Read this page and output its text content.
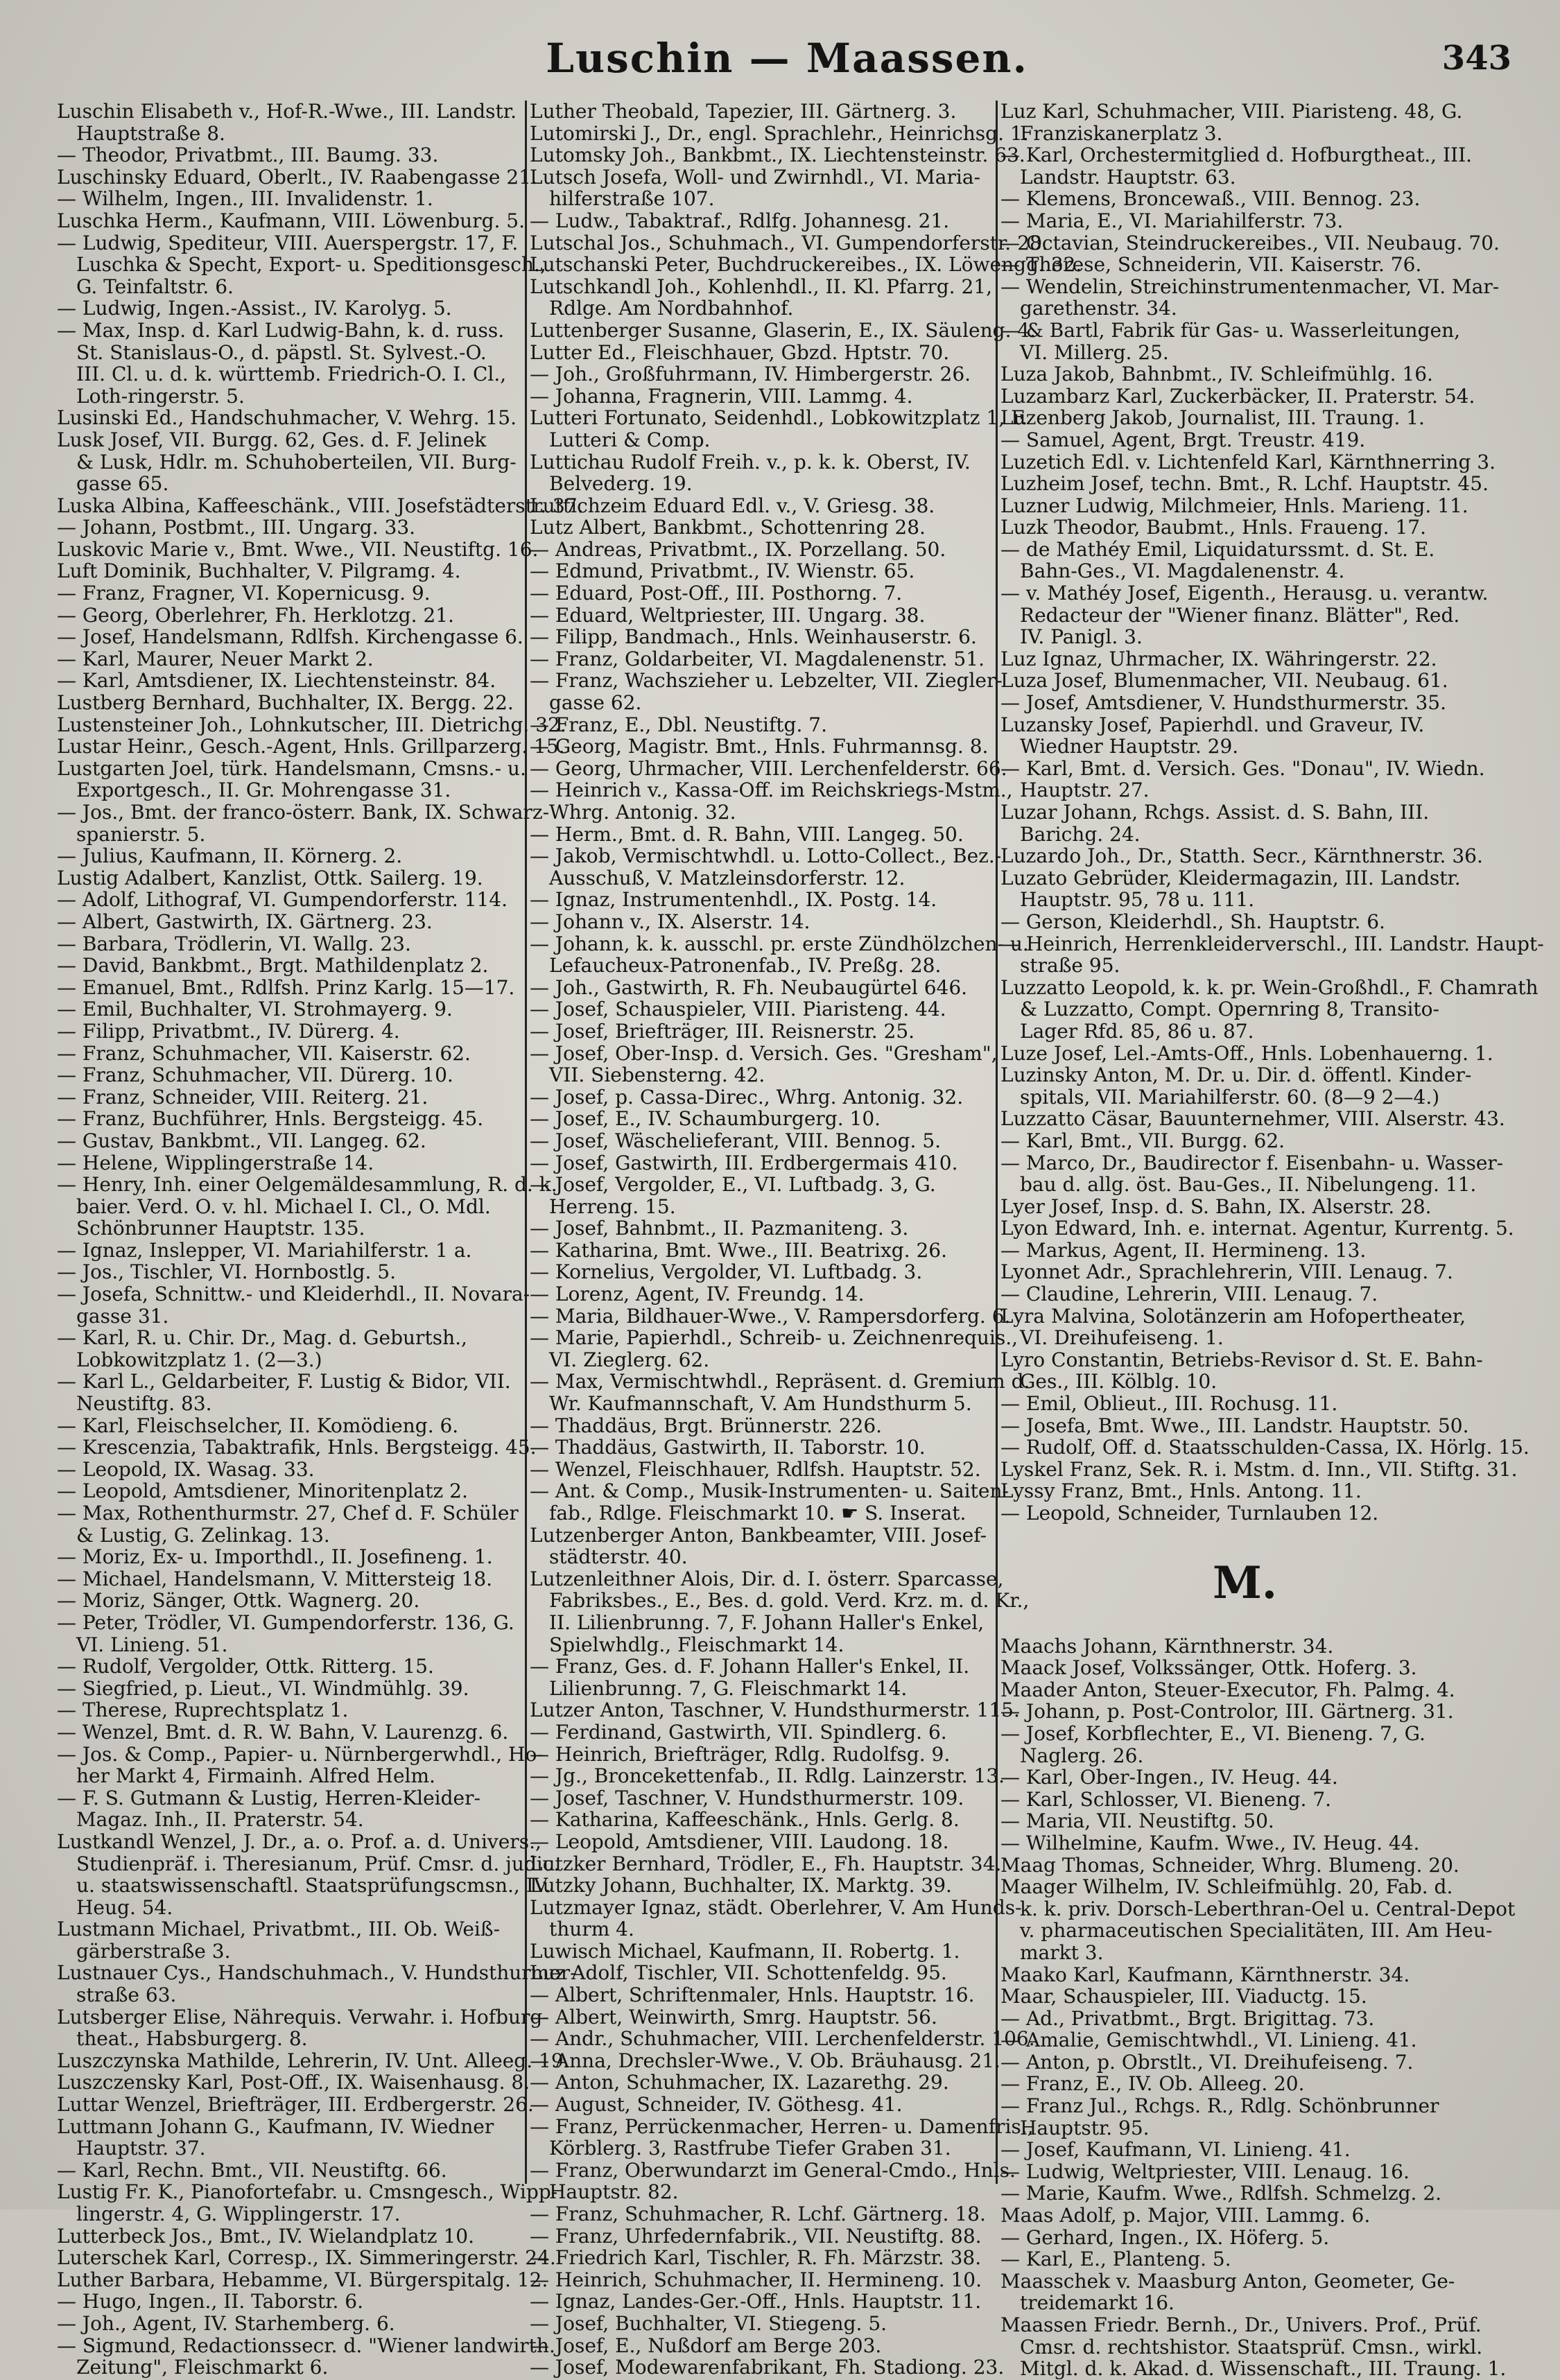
Luschin — Maassen.	343
Luschin Elisabeth v., Hof-R.-Wwe., III. Landstr.
Hauptstraße 8.
— Theodor, Privatbmt., III. Baumg. 33.
Luschinsky Eduard, Oberlt., IV. Raabengasse 21.
— Wilhelm, Ingen., III. Invalidenstr. 1.
Luschka Herm., Kaufmann, VIII. Löwenburg. 5.
— Ludwig, Spediteur, VIII. Auerspergstr. 17, F.
Luschka & Specht, Export- u. Speditionsgesch.,
G. Teinfaltstr. 6.
— Ludwig, Ingen.-Assist., IV. Karolyg. 5.
— Max, Insp. d. Karl Ludwig-Bahn, k. d. russ.
St. Stanislaus-O., d. päpstl. St. Sylvest.-O.
III. Cl. u. d. k. württemb. Friedrich-O. I. Cl.,
Loth-ringerstr. 5.
Lusinski Ed., Handschuhmacher, V. Wehrg. 15.
Lusk Josef, VII. Burgg. 62, Ges. d. F. Jelinek
& Lusk, Hdlr. m. Schuhoberteilen, VII. Burg-
gasse 65.
Luska Albina, Kaffeeschänk., VIII. Josefstädterstr. 37.
— Johann, Postbmt., III. Ungarg. 33.
Luskovic Marie v., Bmt. Wwe., VII. Neustiftg. 16.
Luft Dominik, Buchhalter, V. Pilgramg. 4.
— Franz, Fragner, VI. Kopernicusg. 9.
— Georg, Oberlehrer, Fh. Herklotzg. 21.
— Josef, Handelsmann, Rdlfsh. Kirchengasse 6.
— Karl, Maurer, Neuer Markt 2.
— Karl, Amtsdiener, IX. Liechtensteinstr. 84.
Lustberg Bernhard, Buchhalter, IX. Bergg. 22.
Lustensteiner Joh., Lohnkutscher, III. Dietrichg. 32.
Lustar Heinr., Gesch.-Agent, Hnls. Grillparzerg. 15.
Lustgarten Joel, türk. Handelsmann, Cmsns.- u.
Exportgesch., II. Gr. Mohrengasse 31.
— Jos., Bmt. der franco-österr. Bank, IX. Schwarz-
spanierstr. 5.
— Julius, Kaufmann, II. Körnerg. 2.
Lustig Adalbert, Kanzlist, Ottk. Sailerg. 19.
— Adolf, Lithograf, VI. Gumpendorferstr. 114.
— Albert, Gastwirth, IX. Gärtnerg. 23.
— Barbara, Trödlerin, VI. Wallg. 23.
— David, Bankbmt., Brgt. Mathildenplatz 2.
— Emanuel, Bmt., Rdlfsh. Prinz Karlg. 15—17.
— Emil, Buchhalter, VI. Strohmayerg. 9.
— Filipp, Privatbmt., IV. Dürerg. 4.
— Franz, Schuhmacher, VII. Kaiserstr. 62.
— Franz, Schuhmacher, VII. Dürerg. 10.
— Franz, Schneider, VIII. Reiterg. 21.
— Franz, Buchführer, Hnls. Bergsteigg. 45.
— Gustav, Bankbmt., VII. Langeg. 62.
— Helene, Wipplingerstraße 14.
— Henry, Inh. einer Oelgemäldesammlung, R. d. k.
baier. Verd. O. v. hl. Michael I. Cl., O. Mdl.
Schönbrunner Hauptstr. 135.
— Ignaz, Inslepper, VI. Mariahilferstr. 1 a.
— Jos., Tischler, VI. Hornbostlg. 5.
— Josefa, Schnittw.- und Kleiderhdl., II. Novara-
gasse 31.
— Karl, R. u. Chir. Dr., Mag. d. Geburtsh.,
Lobkowitzplatz 1. (2—3.)
— Karl L., Geldarbeiter, F. Lustig & Bidor, VII.
Neustiftg. 83.
— Karl, Fleischselcher, II. Komödieng. 6.
— Krescenzia, Tabaktrafik, Hnls. Bergsteigg. 45.
— Leopold, IX. Wasag. 33.
— Leopold, Amtsdiener, Minoritenplatz 2.
— Max, Rothenthurmstr. 27, Chef d. F. Schüler
& Lustig, G. Zelinkag. 13.
— Moriz, Ex- u. Importhdl., II. Josefineng. 1.
— Michael, Handelsmann, V. Mittersteig 18.
— Moriz, Sänger, Ottk. Wagnerg. 20.
— Peter, Trödler, VI. Gumpendorferstr. 136, G.
VI. Linieng. 51.
— Rudolf, Vergolder, Ottk. Ritterg. 15.
— Siegfried, p. Lieut., VI. Windmühlg. 39.
— Therese, Ruprechtsplatz 1.
— Wenzel, Bmt. d. R. W. Bahn, V. Laurenzg. 6.
— Jos. & Comp., Papier- u. Nürnbergerwhdl., Ho-
her Markt 4, Firmainh. Alfred Helm.
— F. S. Gutmann & Lustig, Herren-Kleider-
Magaz. Inh., II. Praterstr. 54.
Lustkandl Wenzel, J. Dr., a. o. Prof. a. d. Univers.,
Studienpräf. i. Theresianum, Prüf. Cmsr. d. judic.
u. staatswissenschaftl. Staatsprüfungscmsn., IV.
Heug. 54.
Lustmann Michael, Privatbmt., III. Ob. Weiß-
gärberstraße 3.
Lustnauer Cys., Handschuhmach., V. Hundsthurmer-
straße 63.
Lutsberger Elise, Nährequis. Verwahr. i. Hofburg-
theat., Habsburgerg. 8.
Luszczynska Mathilde, Lehrerin, IV. Unt. Alleeg. 19.
Luszczensky Karl, Post-Off., IX. Waisenhausg. 8.
Luttar Wenzel, Briefträger, III. Erdbergerstr. 26.
Luttmann Johann G., Kaufmann, IV. Wiedner
Hauptstr. 37.
— Karl, Rechn. Bmt., VII. Neustiftg. 66.
Lustig Fr. K., Pianofortefabr. u. Cmsngesch., Wipp-
lingerstr. 4, G. Wipplingerstr. 17.
Lutterbeck Jos., Bmt., IV. Wielandplatz 10.
Luterschek Karl, Corresp., IX. Simmeringerstr. 24.
Luther Barbara, Hebamme, VI. Bürgerspitalg. 12.
— Hugo, Ingen., II. Taborstr. 6.
— Joh., Agent, IV. Starhemberg. 6.
— Sigmund, Redactionssecr. d. "Wiener landwirth.
Zeitung", Fleischmarkt 6.
Luther Theobald, Tapezier, III. Gärtnerg. 3.
Lutomirski J., Dr., engl. Sprachlehr., Heinrichsg. 1.
Lutomsky Joh., Bankbmt., IX. Liechtensteinstr. 63.
Lutsch Josefa, Woll- und Zwirnhdl., VI. Maria-
hilferstraße 107.
— Ludw., Tabaktraf., Rdlfg. Johannesg. 21.
Lutschal Jos., Schuhmach., VI. Gumpendorferstr. 28.
Lutschanski Peter, Buchdruckereibes., IX. Löwengg. 32.
Lutschkandl Joh., Kohlenhdl., II. Kl. Pfarrg. 21,
Rdlge. Am Nordbahnhof.
Luttenberger Susanne, Glaserin, E., IX. Säuleng. 4.
Lutter Ed., Fleischhauer, Gbzd. Hptstr. 70.
— Joh., Großfuhrmann, IV. Himbergerstr. 26.
— Johanna, Fragnerin, VIII. Lammg. 4.
Lutteri Fortunato, Seidenhdl., Lobkowitzplatz 1, F.
Lutteri & Comp.
Luttichau Rudolf Freih. v., p. k. k. Oberst, IV.
Belvederg. 19.
Luttichzeim Eduard Edl. v., V. Griesg. 38.
Lutz Albert, Bankbmt., Schottenring 28.
— Andreas, Privatbmt., IX. Porzellang. 50.
— Edmund, Privatbmt., IV. Wienstr. 65.
— Eduard, Post-Off., III. Posthorng. 7.
— Eduard, Weltpriester, III. Ungarg. 38.
— Filipp, Bandmach., Hnls. Weinhauserstr. 6.
— Franz, Goldarbeiter, VI. Magdalenenstr. 51.
— Franz, Wachszieher u. Lebzelter, VII. Ziegler-
gasse 62.
— Franz, E., Dbl. Neustiftg. 7.
— Georg, Magistr. Bmt., Hnls. Fuhrmannsg. 8.
— Georg, Uhrmacher, VIII. Lerchenfelderstr. 66.
— Heinrich v., Kassa-Off. im Reichskriegs-Mstm.,
Whrg. Antonig. 32.
— Herm., Bmt. d. R. Bahn, VIII. Langeg. 50.
— Jakob, Vermischtwhdl. u. Lotto-Collect., Bez.-
Ausschuß, V. Matzleinsdorferstr. 12.
— Ignaz, Instrumentenhdl., IX. Postg. 14.
— Johann v., IX. Alserstr. 14.
— Johann, k. k. ausschl. pr. erste Zündhölzchen- u.
Lefaucheux-Patronenfab., IV. Preßg. 28.
— Joh., Gastwirth, R. Fh. Neubaugürtel 646.
— Josef, Schauspieler, VIII. Piaristeng. 44.
— Josef, Briefträger, III. Reisnerstr. 25.
— Josef, Ober-Insp. d. Versich. Ges. "Gresham",
VII. Siebensterng. 42.
— Josef, p. Cassa-Direc., Whrg. Antonig. 32.
— Josef, E., IV. Schaumburgerg. 10.
— Josef, Wäschelieferant, VIII. Bennog. 5.
— Josef, Gastwirth, III. Erdbergermais 410.
— Josef, Vergolder, E., VI. Luftbadg. 3, G.
Herreng. 15.
— Josef, Bahnbmt., II. Pazmaniteng. 3.
— Katharina, Bmt. Wwe., III. Beatrixg. 26.
— Kornelius, Vergolder, VI. Luftbadg. 3.
— Lorenz, Agent, IV. Freundg. 14.
— Maria, Bildhauer-Wwe., V. Rampersdorferg. 6.
— Marie, Papierhdl., Schreib- u. Zeichnenrequis.,
VI. Zieglerg. 62.
— Max, Vermischtwhdl., Repräsent. d. Gremium d.
Wr. Kaufmannschaft, V. Am Hundsthurm 5.
— Thaddäus, Brgt. Brünnerstr. 226.
— Thaddäus, Gastwirth, II. Taborstr. 10.
— Wenzel, Fleischhauer, Rdlfsh. Hauptstr. 52.
— Ant. & Comp., Musik-Instrumenten- u. Saiten-
fab., Rdlge. Fleischmarkt 10. ☛ S. Inserat.
Lutzenberger Anton, Bankbeamter, VIII. Josef-
städterstr. 40.
Lutzenleithner Alois, Dir. d. I. österr. Sparcasse,
Fabriksbes., E., Bes. d. gold. Verd. Krz. m. d. Kr.,
II. Lilienbrunng. 7, F. Johann Haller's Enkel,
Spielwhdlg., Fleischmarkt 14.
— Franz, Ges. d. F. Johann Haller's Enkel, II.
Lilienbrunng. 7, G. Fleischmarkt 14.
Lutzer Anton, Taschner, V. Hundsthurmerstr. 115.
— Ferdinand, Gastwirth, VII. Spindlerg. 6.
— Heinrich, Briefträger, Rdlg. Rudolfsg. 9.
— Jg., Broncekettenfab., II. Rdlg. Lainzerstr. 13.
— Josef, Taschner, V. Hundsthurmerstr. 109.
— Katharina, Kaffeeschänk., Hnls. Gerlg. 8.
— Leopold, Amtsdiener, VIII. Laudong. 18.
Lutzker Bernhard, Trödler, E., Fh. Hauptstr. 34.
Lutzky Johann, Buchhalter, IX. Marktg. 39.
Lutzmayer Ignaz, städt. Oberlehrer, V. Am Hunds-
thurm 4.
Luwisch Michael, Kaufmann, II. Robertg. 1.
Luz Adolf, Tischler, VII. Schottenfeldg. 95.
— Albert, Schriftenmaler, Hnls. Hauptstr. 16.
— Albert, Weinwirth, Smrg. Hauptstr. 56.
— Andr., Schuhmacher, VIII. Lerchenfelderstr. 106.
— Anna, Drechsler-Wwe., V. Ob. Bräuhausg. 21.
— Anton, Schuhmacher, IX. Lazarethg. 29.
— August, Schneider, IV. Göthesg. 41.
— Franz, Perrückenmacher, Herren- u. Damenfris.,
Körblerg. 3, Rastfrube Tiefer Graben 31.
— Franz, Oberwundarzt im General-Cmdo., Hnls.
Hauptstr. 82.
— Franz, Schuhmacher, R. Lchf. Gärtnerg. 18.
— Franz, Uhrfedernfabrik., VII. Neustiftg. 88.
— Friedrich Karl, Tischler, R. Fh. Märzstr. 38.
— Heinrich, Schuhmacher, II. Hermineng. 10.
— Ignaz, Landes-Ger.-Off., Hnls. Hauptstr. 11.
— Josef, Buchhalter, VI. Stiegeng. 5.
— Josef, E., Nußdorf am Berge 203.
— Josef, Modewarenfabrikant, Fh. Stadiong. 23.
Luz Karl, Schuhmacher, VIII. Piaristeng. 48, G.
Franziskanerplatz 3.
— Karl, Orchestermitglied d. Hofburgtheat., III.
Landstr. Hauptstr. 63.
— Klemens, Broncewaß., VIII. Bennog. 23.
— Maria, E., VI. Mariahilferstr. 73.
— Octavian, Steindruckereibes., VII. Neubaug. 70.
— Therese, Schneiderin, VII. Kaiserstr. 76.
— Wendelin, Streichinstrumentenmacher, VI. Mar-
garethenstr. 34.
— & Bartl, Fabrik für Gas- u. Wasserleitungen,
VI. Millerg. 25.
Luza Jakob, Bahnbmt., IV. Schleifmühlg. 16.
Luzambarz Karl, Zuckerbäcker, II. Praterstr. 54.
Luzenberg Jakob, Journalist, III. Traung. 1.
— Samuel, Agent, Brgt. Treustr. 419.
Luzetich Edl. v. Lichtenfeld Karl, Kärnthnerring 3.
Luzheim Josef, techn. Bmt., R. Lchf. Hauptstr. 45.
Luzner Ludwig, Milchmeier, Hnls. Marieng. 11.
Luzk Theodor, Baubmt., Hnls. Fraueng. 17.
— de Mathéy Emil, Liquidaturssmt. d. St. E.
Bahn-Ges., VI. Magdalenenstr. 4.
— v. Mathéy Josef, Eigenth., Herausg. u. verantw.
Redacteur der "Wiener finanz. Blätter", Red.
IV. Panigl. 3.
Luz Ignaz, Uhrmacher, IX. Währingerstr. 22.
Luza Josef, Blumenmacher, VII. Neubaug. 61.
— Josef, Amtsdiener, V. Hundsthurmerstr. 35.
Luzansky Josef, Papierhdl. und Graveur, IV.
Wiedner Hauptstr. 29.
— Karl, Bmt. d. Versich. Ges. "Donau", IV. Wiedn.
Hauptstr. 27.
Luzar Johann, Rchgs. Assist. d. S. Bahn, III.
Barichg. 24.
Luzardo Joh., Dr., Statth. Secr., Kärnthnerstr. 36.
Luzato Gebrüder, Kleidermagazin, III. Landstr.
Hauptstr. 95, 78 u. 111.
— Gerson, Kleiderhdl., Sh. Hauptstr. 6.
— Heinrich, Herrenkleiderverschl., III. Landstr. Haupt-
straße 95.
Luzzatto Leopold, k. k. pr. Wein-Großhdl., F. Chamrath
& Luzzatto, Compt. Opernring 8, Transito-
Lager Rfd. 85, 86 u. 87.
Luze Josef, Lel.-Amts-Off., Hnls. Lobenhauerng. 1.
Luzinsky Anton, M. Dr. u. Dir. d. öffentl. Kinder-
spitals, VII. Mariahilferstr. 60. (8—9 2—4.)
Luzzatto Cäsar, Bauunternehmer, VIII. Alserstr. 43.
— Karl, Bmt., VII. Burgg. 62.
— Marco, Dr., Baudirector f. Eisenbahn- u. Wasser-
bau d. allg. öst. Bau-Ges., II. Nibelungeng. 11.
Lyer Josef, Insp. d. S. Bahn, IX. Alserstr. 28.
Lyon Edward, Inh. e. internat. Agentur, Kurrentg. 5.
— Markus, Agent, II. Hermineng. 13.
Lyonnet Adr., Sprachlehrerin, VIII. Lenaug. 7.
— Claudine, Lehrerin, VIII. Lenaug. 7.
Lyra Malvina, Solotänzerin am Hofopertheater,
VI. Dreihufeiseng. 1.
Lyro Constantin, Betriebs-Revisor d. St. E. Bahn-
Ges., III. Kölblg. 10.
— Emil, Oblieut., III. Rochusg. 11.
— Josefa, Bmt. Wwe., III. Landstr. Hauptstr. 50.
— Rudolf, Off. d. Staatsschulden-Cassa, IX. Hörlg. 15.
Lyskel Franz, Sek. R. i. Mstm. d. Inn., VII. Stiftg. 31.
Lyssy Franz, Bmt., Hnls. Antong. 11.
— Leopold, Schneider, Turnlauben 12.
M.
Maachs Johann, Kärnthnerstr. 34.
Maack Josef, Volkssänger, Ottk. Hoferg. 3.
Maader Anton, Steuer-Executor, Fh. Palmg. 4.
— Johann, p. Post-Controlor, III. Gärtnerg. 31.
— Josef, Korbflechter, E., VI. Bieneng. 7, G.
Naglerg. 26.
— Karl, Ober-Ingen., IV. Heug. 44.
— Karl, Schlosser, VI. Bieneng. 7.
— Maria, VII. Neustiftg. 50.
— Wilhelmine, Kaufm. Wwe., IV. Heug. 44.
Maag Thomas, Schneider, Whrg. Blumeng. 20.
Maager Wilhelm, IV. Schleifmühlg. 20, Fab. d.
k. k. priv. Dorsch-Leberthran-Oel u. Central-Depot
v. pharmaceutischen Specialitäten, III. Am Heu-
markt 3.
Maako Karl, Kaufmann, Kärnthnerstr. 34.
Maar, Schauspieler, III. Viaductg. 15.
— Ad., Privatbmt., Brgt. Brigittag. 73.
— Amalie, Gemischtwhdl., VI. Linieng. 41.
— Anton, p. Obrstlt., VI. Dreihufeiseng. 7.
— Franz, E., IV. Ob. Alleeg. 20.
— Franz Jul., Rchgs. R., Rdlg. Schönbrunner
Hauptstr. 95.
— Josef, Kaufmann, VI. Linieng. 41.
— Ludwig, Weltpriester, VIII. Lenaug. 16.
— Marie, Kaufm. Wwe., Rdlfsh. Schmelzg. 2.
Maas Adolf, p. Major, VIII. Lammg. 6.
— Gerhard, Ingen., IX. Höferg. 5.
— Karl, E., Planteng. 5.
Maasschek v. Maasburg Anton, Geometer, Ge-
treidemarkt 16.
Maassen Friedr. Bernh., Dr., Univers. Prof., Prüf.
Cmsr. d. rechtshistor. Staatsprüf. Cmsn., wirkl.
Mitgl. d. k. Akad. d. Wissenschaft., III. Traung. 1.
